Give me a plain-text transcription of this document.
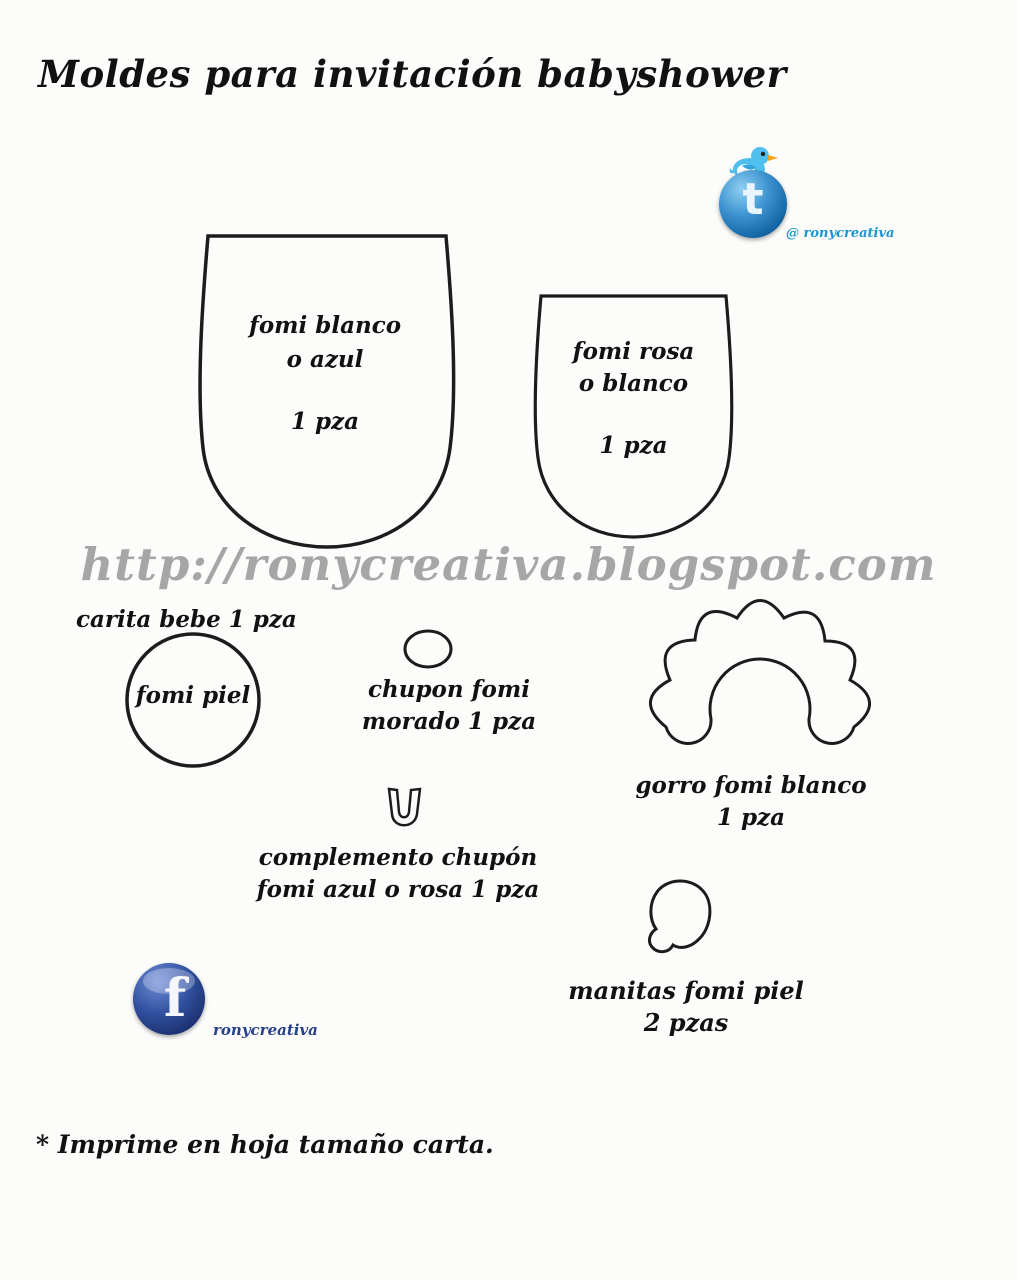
Moldes para invitación babyshower
t
@ ronycreativa
http://ronycreativa.blogspot.com
fomi blanco
o azul
1 pza
fomi rosa
o blanco
1 pza
carita bebe 1 pza
fomi piel	chupon fomi
morado 1 pza
gorro fomi blanco
1 pza
complemento chupón
fomi azul o rosa 1 pza
manitas fomi piel
2 pzas
f
ronycreativa
* Imprime en hoja tamaño carta.
